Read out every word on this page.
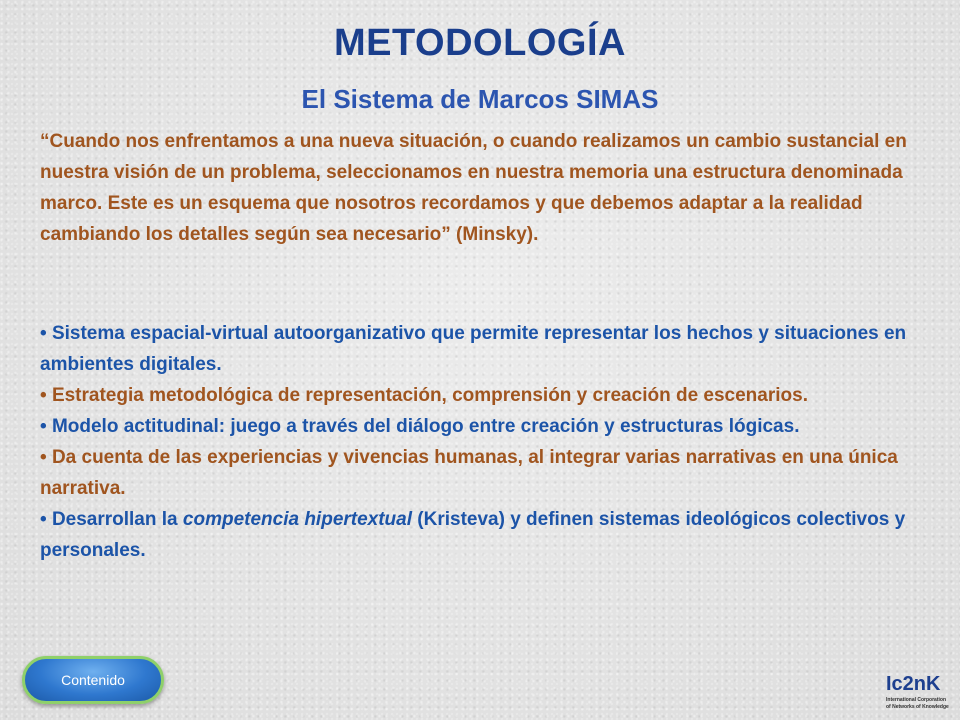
METODOLOGÍA
El Sistema de Marcos SIMAS

“Cuando nos enfrentamos a una nueva situación, o cuando realizamos un cambio sustancial en nuestra visión de un problema, seleccionamos en nuestra memoria una estructura denominada marco. Este es un esquema que nosotros recordamos y que debemos adaptar a la realidad cambiando los detalles según sea necesario” (Minsky).

• Sistema espacial-virtual autoorganizativo que permite representar los hechos y situaciones en ambientes digitales.
• Estrategia metodológica de representación, comprensión y creación de escenarios.
• Modelo actitudinal: juego a través del diálogo entre creación y estructuras lógicas.
• Da cuenta de las experiencias y vivencias humanas, al integrar varias narrativas en una única narrativa.
• Desarrollan la competencia hipertextual (Kristeva) y definen sistemas ideológicos colectivos y personales.
Contenido	Ic2nK
International Corporation
of Networks of Knowledge
